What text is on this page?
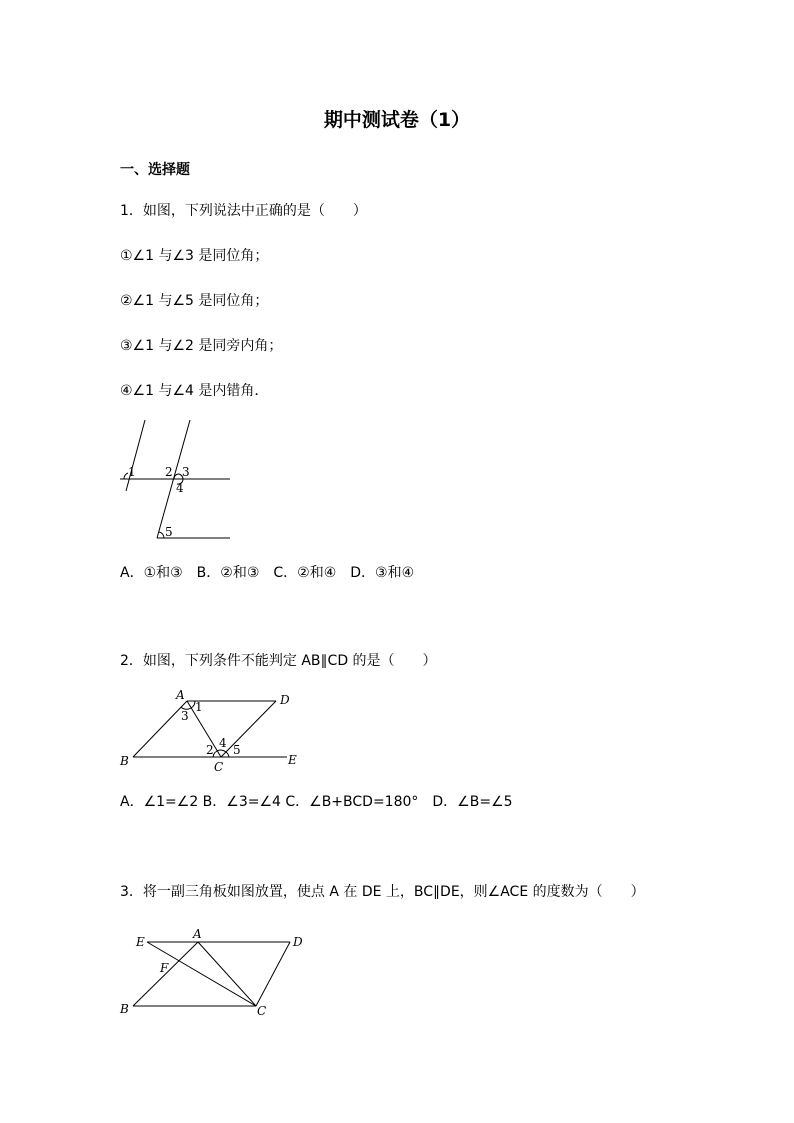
期中测试卷（1）
一、选择题
1．如图，下列说法中正确的是（　　）
①∠1 与∠3 是同位角；
②∠1 与∠5 是同位角；
③∠1 与∠2 是同旁内角；
④∠1 与∠4 是内错角．
1 2 3
4
5
A．①和③　B．②和③　C．②和④　D．③和④
2．如图，下列条件不能判定 AB∥CD 的是（　　）
A
B	C
D
E
1
2
3
4 5
A．∠1=∠2 B．∠3=∠4 C．∠B+BCD=180°　D．∠B=∠5
3．将一副三角板如图放置，使点 A 在 DE 上，BC∥DE，则∠ACE 的度数为（　　）
E
A
D
F
B	C
